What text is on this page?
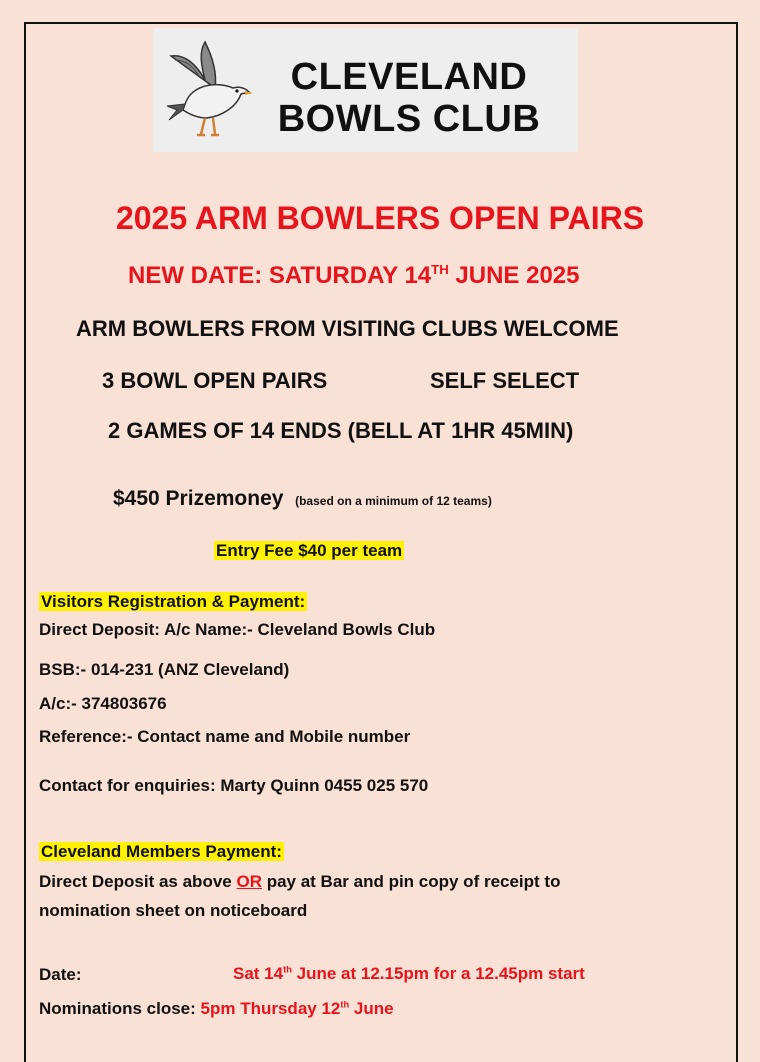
CLEVELAND
BOWLS CLUB
2025 ARM BOWLERS OPEN PAIRS
NEW DATE: SATURDAY 14TH JUNE 2025
ARM BOWLERS FROM VISITING CLUBS WELCOME
3 BOWL OPEN PAIRS	SELF SELECT
2 GAMES OF 14 ENDS (BELL AT 1HR 45MIN)
$450 Prizemoney (based on a minimum of 12 teams)
Entry Fee $40 per team
Visitors Registration & Payment:
Direct Deposit: A/c Name:- Cleveland Bowls Club
BSB:- 014-231 (ANZ Cleveland)
A/c:- 374803676
Reference:- Contact name and Mobile number
Contact for enquiries: Marty Quinn 0455 025 570
Cleveland Members Payment:
Direct Deposit as above OR pay at Bar and pin copy of receipt to
nomination sheet on noticeboard
Date:	Sat 14th June at 12.15pm for a 12.45pm start
Nominations close: 5pm Thursday 12th June
